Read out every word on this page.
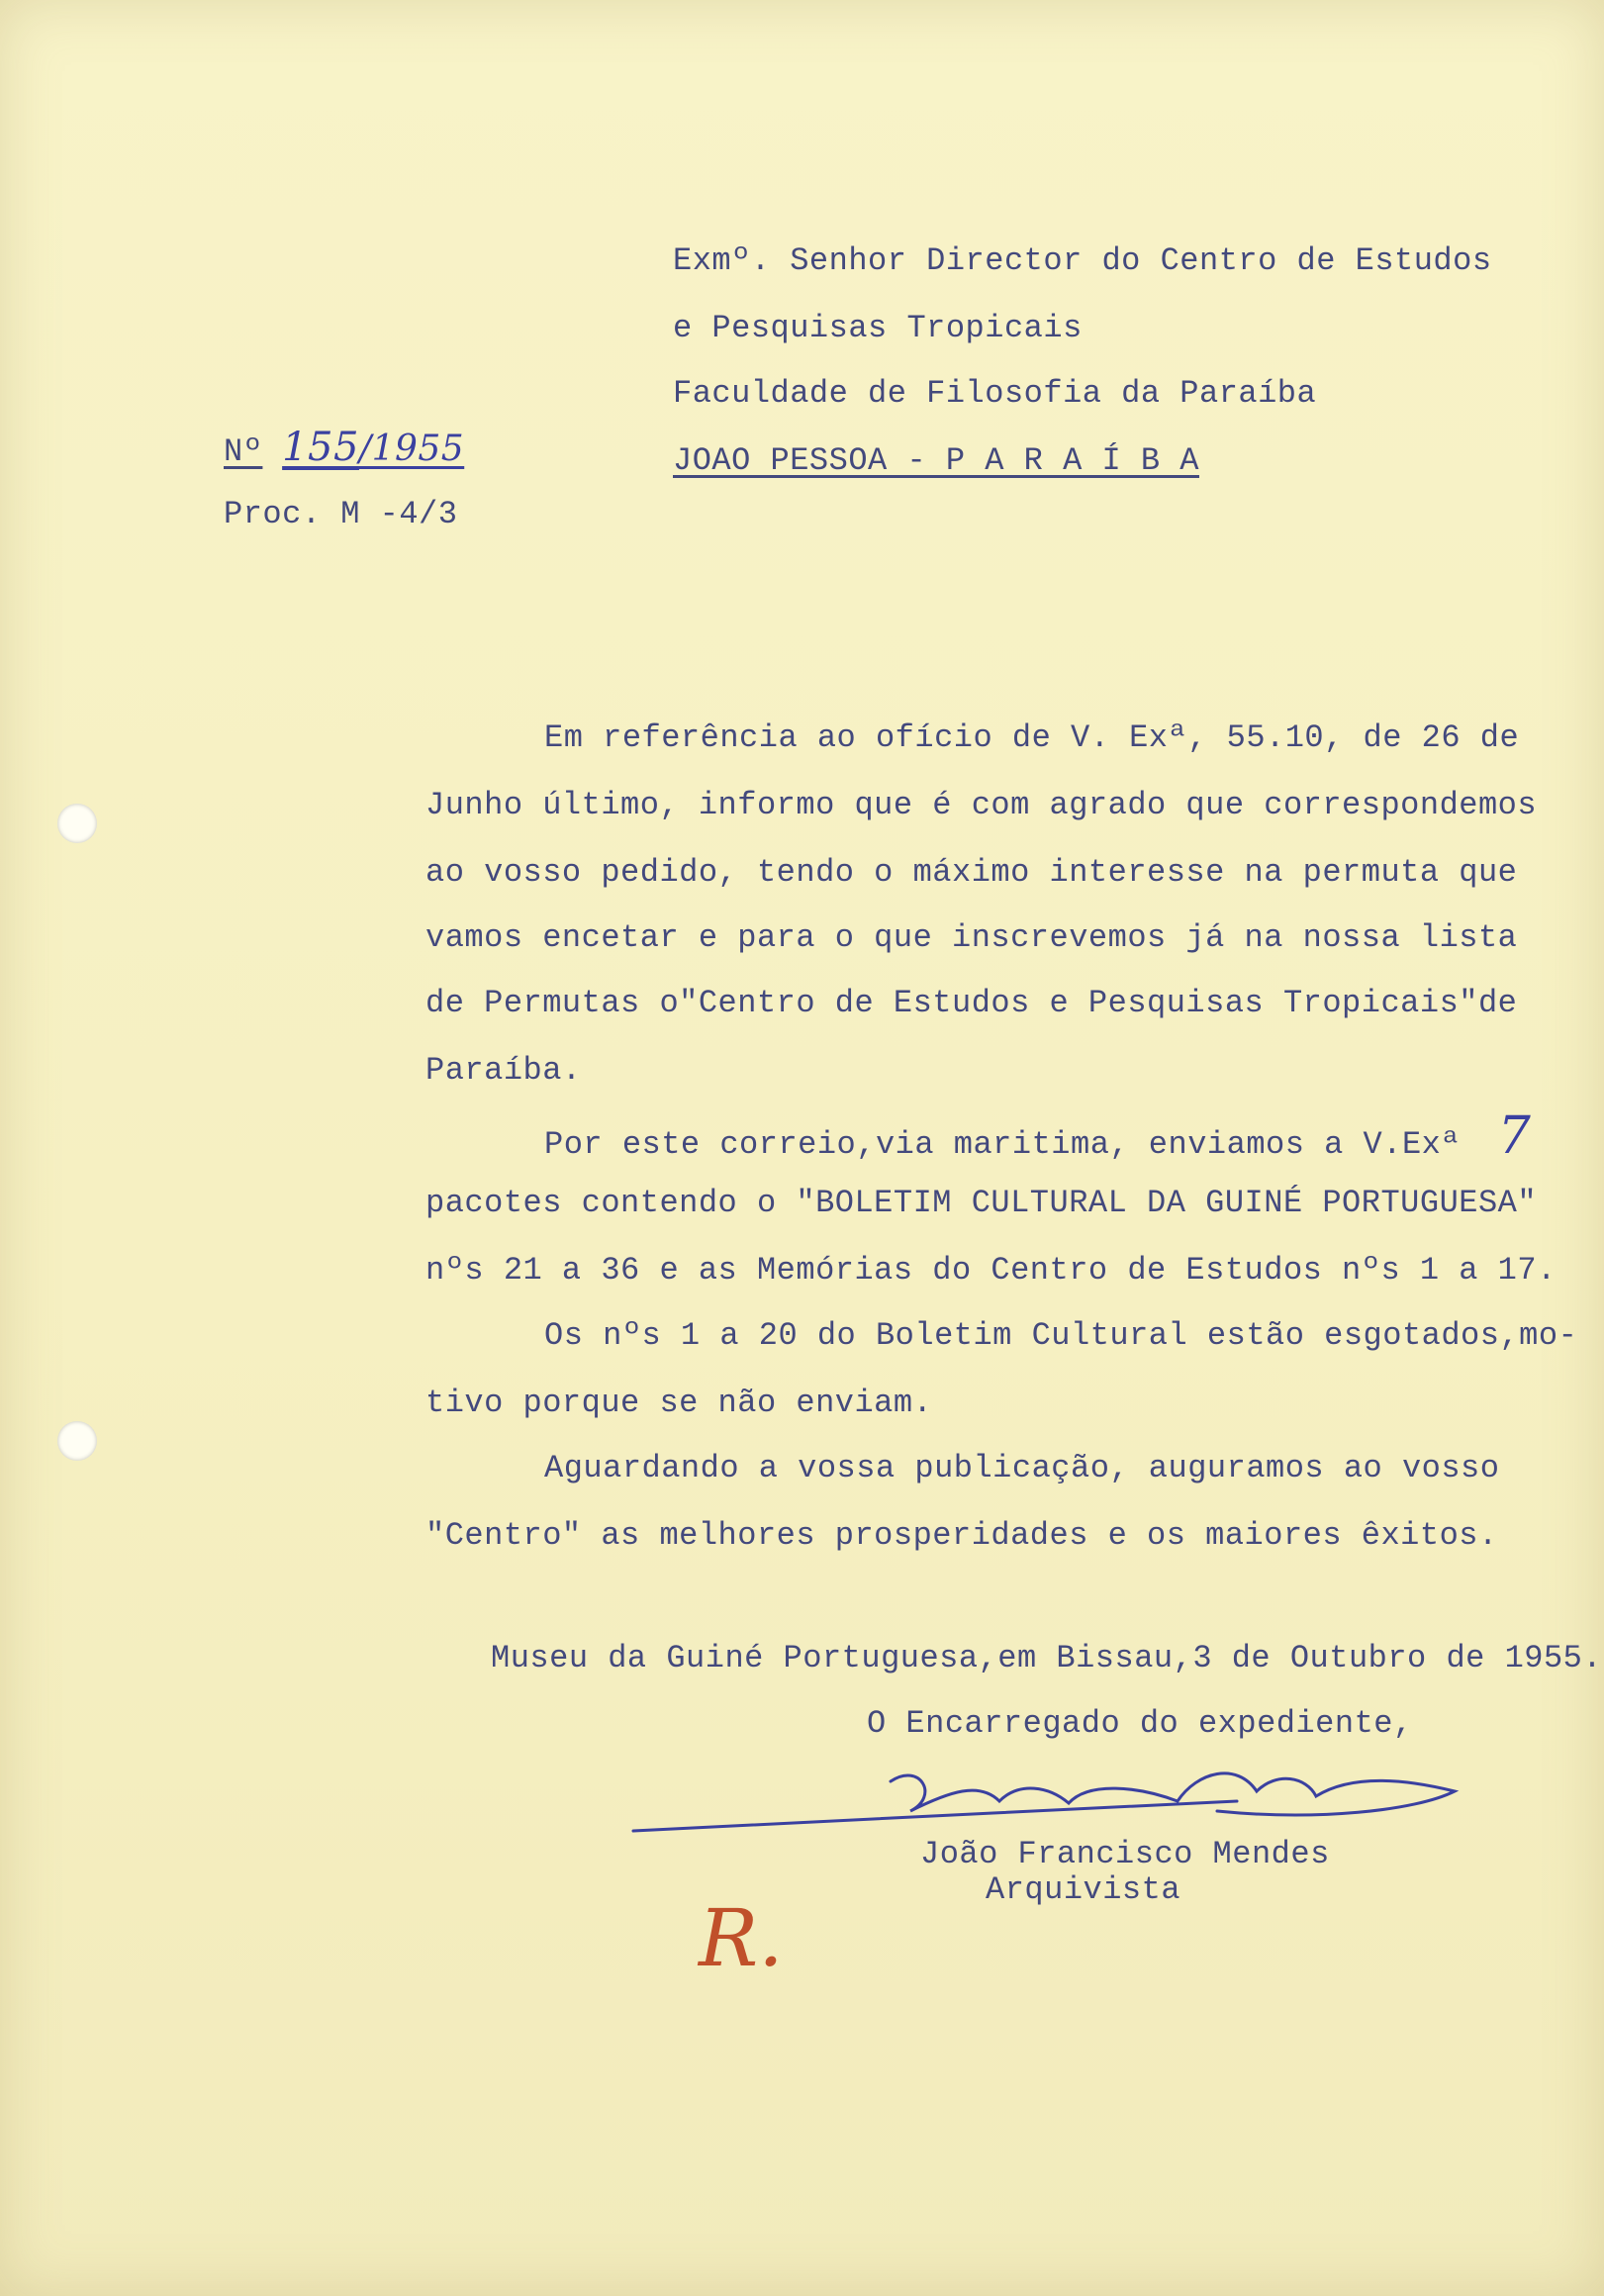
Exmº. Senhor Director do Centro de Estudos
e Pesquisas Tropicais
Faculdade de Filosofia da Paraíba
JOAO PESSOA - P A R A Í B A
Nº 155/1955
Proc. M -4/3
Em referência ao ofício de V. Exª, 55.10, de 26 de
Junho último, informo que é com agrado que correspondemos
ao vosso pedido, tendo o máximo interesse na permuta que
vamos encetar e para o que inscrevemos já na nossa lista
de Permutas o"Centro de Estudos e Pesquisas Tropicais"de
Paraíba.
Por este correio,via maritima, enviamos a V.Exª 7
pacotes contendo o "BOLETIM CULTURAL DA GUINÉ PORTUGUESA"
nºs 21 a 36 e as Memórias do Centro de Estudos nºs 1 a 17.
Os nºs 1 a 20 do Boletim Cultural estão esgotados,mo-
tivo porque se não enviam.
Aguardando a vossa publicação, auguramos ao vosso
"Centro" as melhores prosperidades e os maiores êxitos.
Museu da Guiné Portuguesa,em Bissau,3 de Outubro de 1955.
O Encarregado do expediente,
João Francisco Mendes
Arquivista
R.
